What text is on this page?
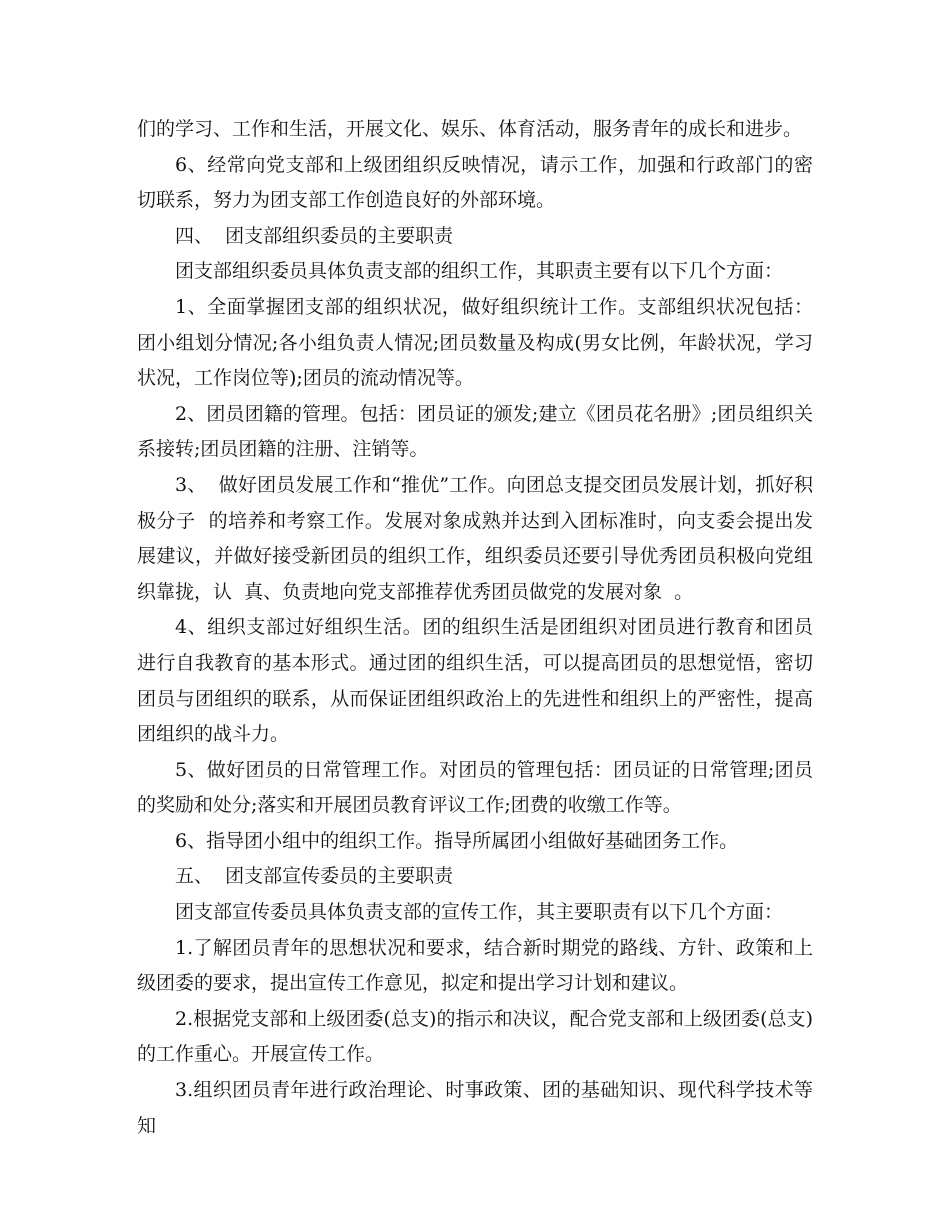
们的学习、工作和生活，开展文化、娱乐、体育活动，服务青年的成长和进步。

6、经常向党支部和上级团组织反映情况，请示工作，加强和行政部门的密切联系，努力为团支部工作创造良好的外部环境。

四、  团支部组织委员的主要职责

团支部组织委员具体负责支部的组织工作，其职责主要有以下几个方面：

1、全面掌握团支部的组织状况，做好组织统计工作。支部组织状况包括：团小组划分情况;各小组负责人情况;团员数量及构成(男女比例，年龄状况，学习状况，工作岗位等);团员的流动情况等。

2、团员团籍的管理。包括：团员证的颁发;建立《团员花名册》;团员组织关系接转;团员团籍的注册、注销等。

3、  做好团员发展工作和“推优”工作。向团总支提交团员发展计划，抓好积极分子  的培养和考察工作。发展对象成熟并达到入团标准时，向支委会提出发展建议，并做好接受新团员的组织工作，组织委员还要引导优秀团员积极向党组织靠拢，认  真、负责地向党支部推荐优秀团员做党的发展对象  。

4、组织支部过好组织生活。团的组织生活是团组织对团员进行教育和团员进行自我教育的基本形式。通过团的组织生活，可以提高团员的思想觉悟，密切团员与团组织的联系，从而保证团组织政治上的先进性和组织上的严密性，提高团组织的战斗力。

5、做好团员的日常管理工作。对团员的管理包括：团员证的日常管理;团员的奖励和处分;落实和开展团员教育评议工作;团费的收缴工作等。

6、指导团小组中的组织工作。指导所属团小组做好基础团务工作。

五、  团支部宣传委员的主要职责

团支部宣传委员具体负责支部的宣传工作，其主要职责有以下几个方面：

1.了解团员青年的思想状况和要求，结合新时期党的路线、方针、政策和上级团委的要求，提出宣传工作意见，拟定和提出学习计划和建议。

2.根据党支部和上级团委(总支)的指示和决议，配合党支部和上级团委(总支)的工作重心。开展宣传工作。

3.组织团员青年进行政治理论、时事政策、团的基础知识、现代科学技术等知
